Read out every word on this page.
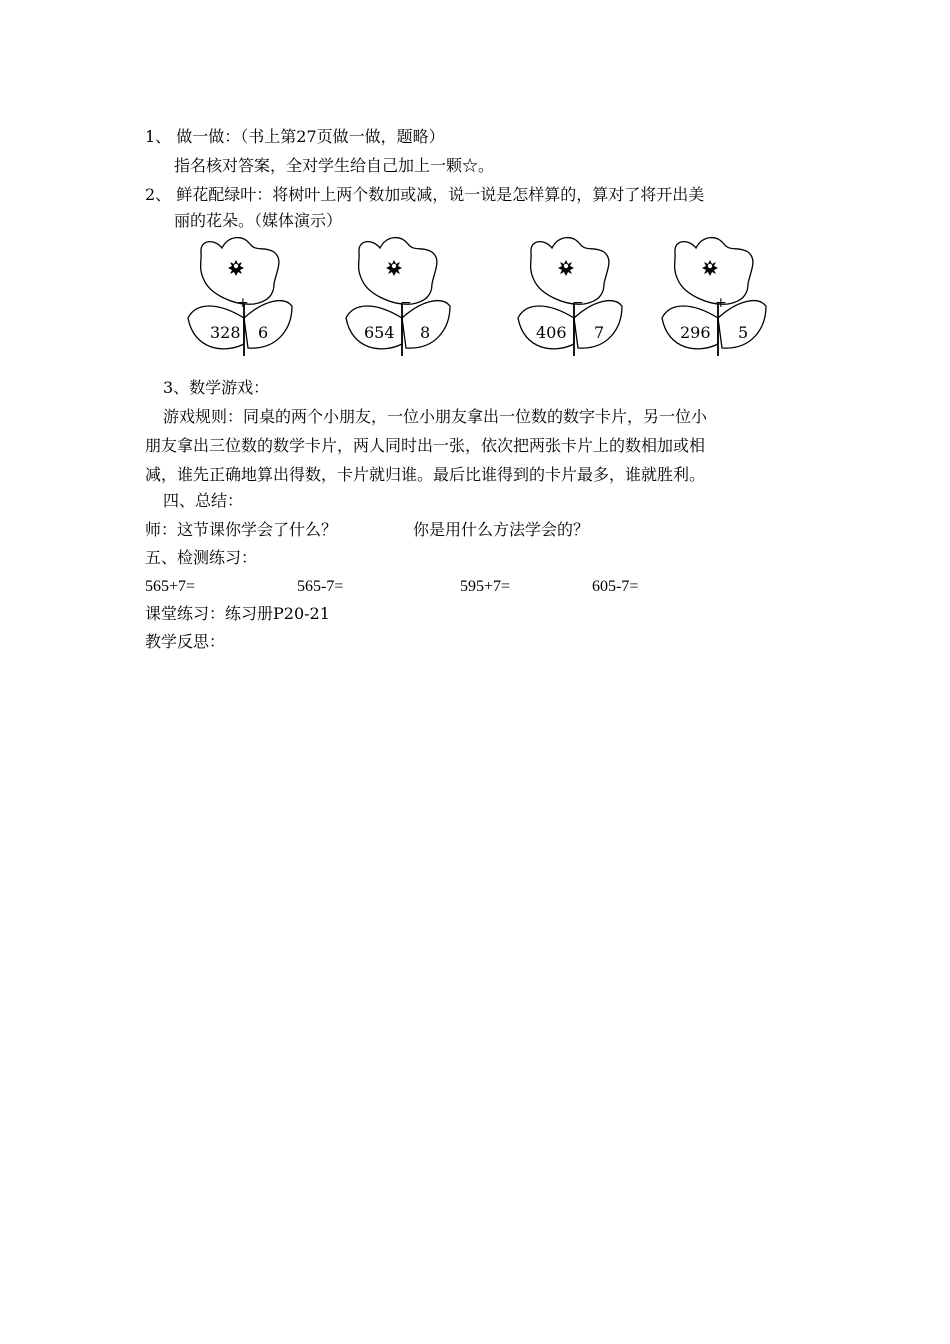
1、 做一做：（书上第27页做一做，题略）
指名核对答案，全对学生给自己加上一颗☆。
2、 鲜花配绿叶：将树叶上两个数加或减，说一说是怎样算的，算对了将开出美
丽的花朵。（媒体演示）
+
328 6
−
654 8
−
406 7
+
296 5
3、数学游戏：
游戏规则：同桌的两个小朋友，一位小朋友拿出一位数的数字卡片，另一位小
朋友拿出三位数的数学卡片，两人同时出一张，依次把两张卡片上的数相加或相
减，谁先正确地算出得数，卡片就归谁。最后比谁得到的卡片最多，谁就胜利。
四、总结：
师：这节课你学会了什么？	你是用什么方法学会的？
五、检测练习：
565+7=	565-7=	595+7=	605-7=
课堂练习：练习册P20-21
教学反思：
